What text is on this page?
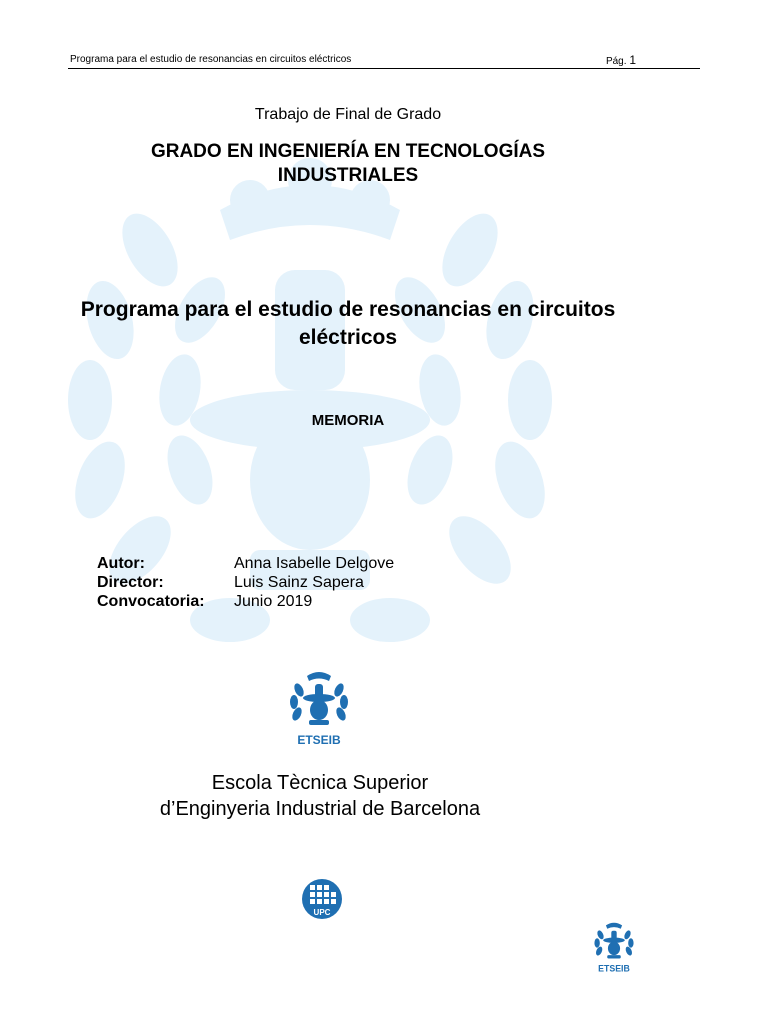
Programa para el estudio de resonancias en circuitos eléctricos	Pág. 1
Trabajo de Final de Grado
GRADO EN INGENIERÍA EN TECNOLOGÍAS INDUSTRIALES
Programa para el estudio de resonancias en circuitos eléctricos
MEMORIA
Autor:	Anna Isabelle Delgove
Director:	Luis Sainz Sapera
Convocatoria:	Junio 2019
ETSEIB
Escola Tècnica Superior
d’Enginyeria Industrial de Barcelona
UPC
ETSEIB
